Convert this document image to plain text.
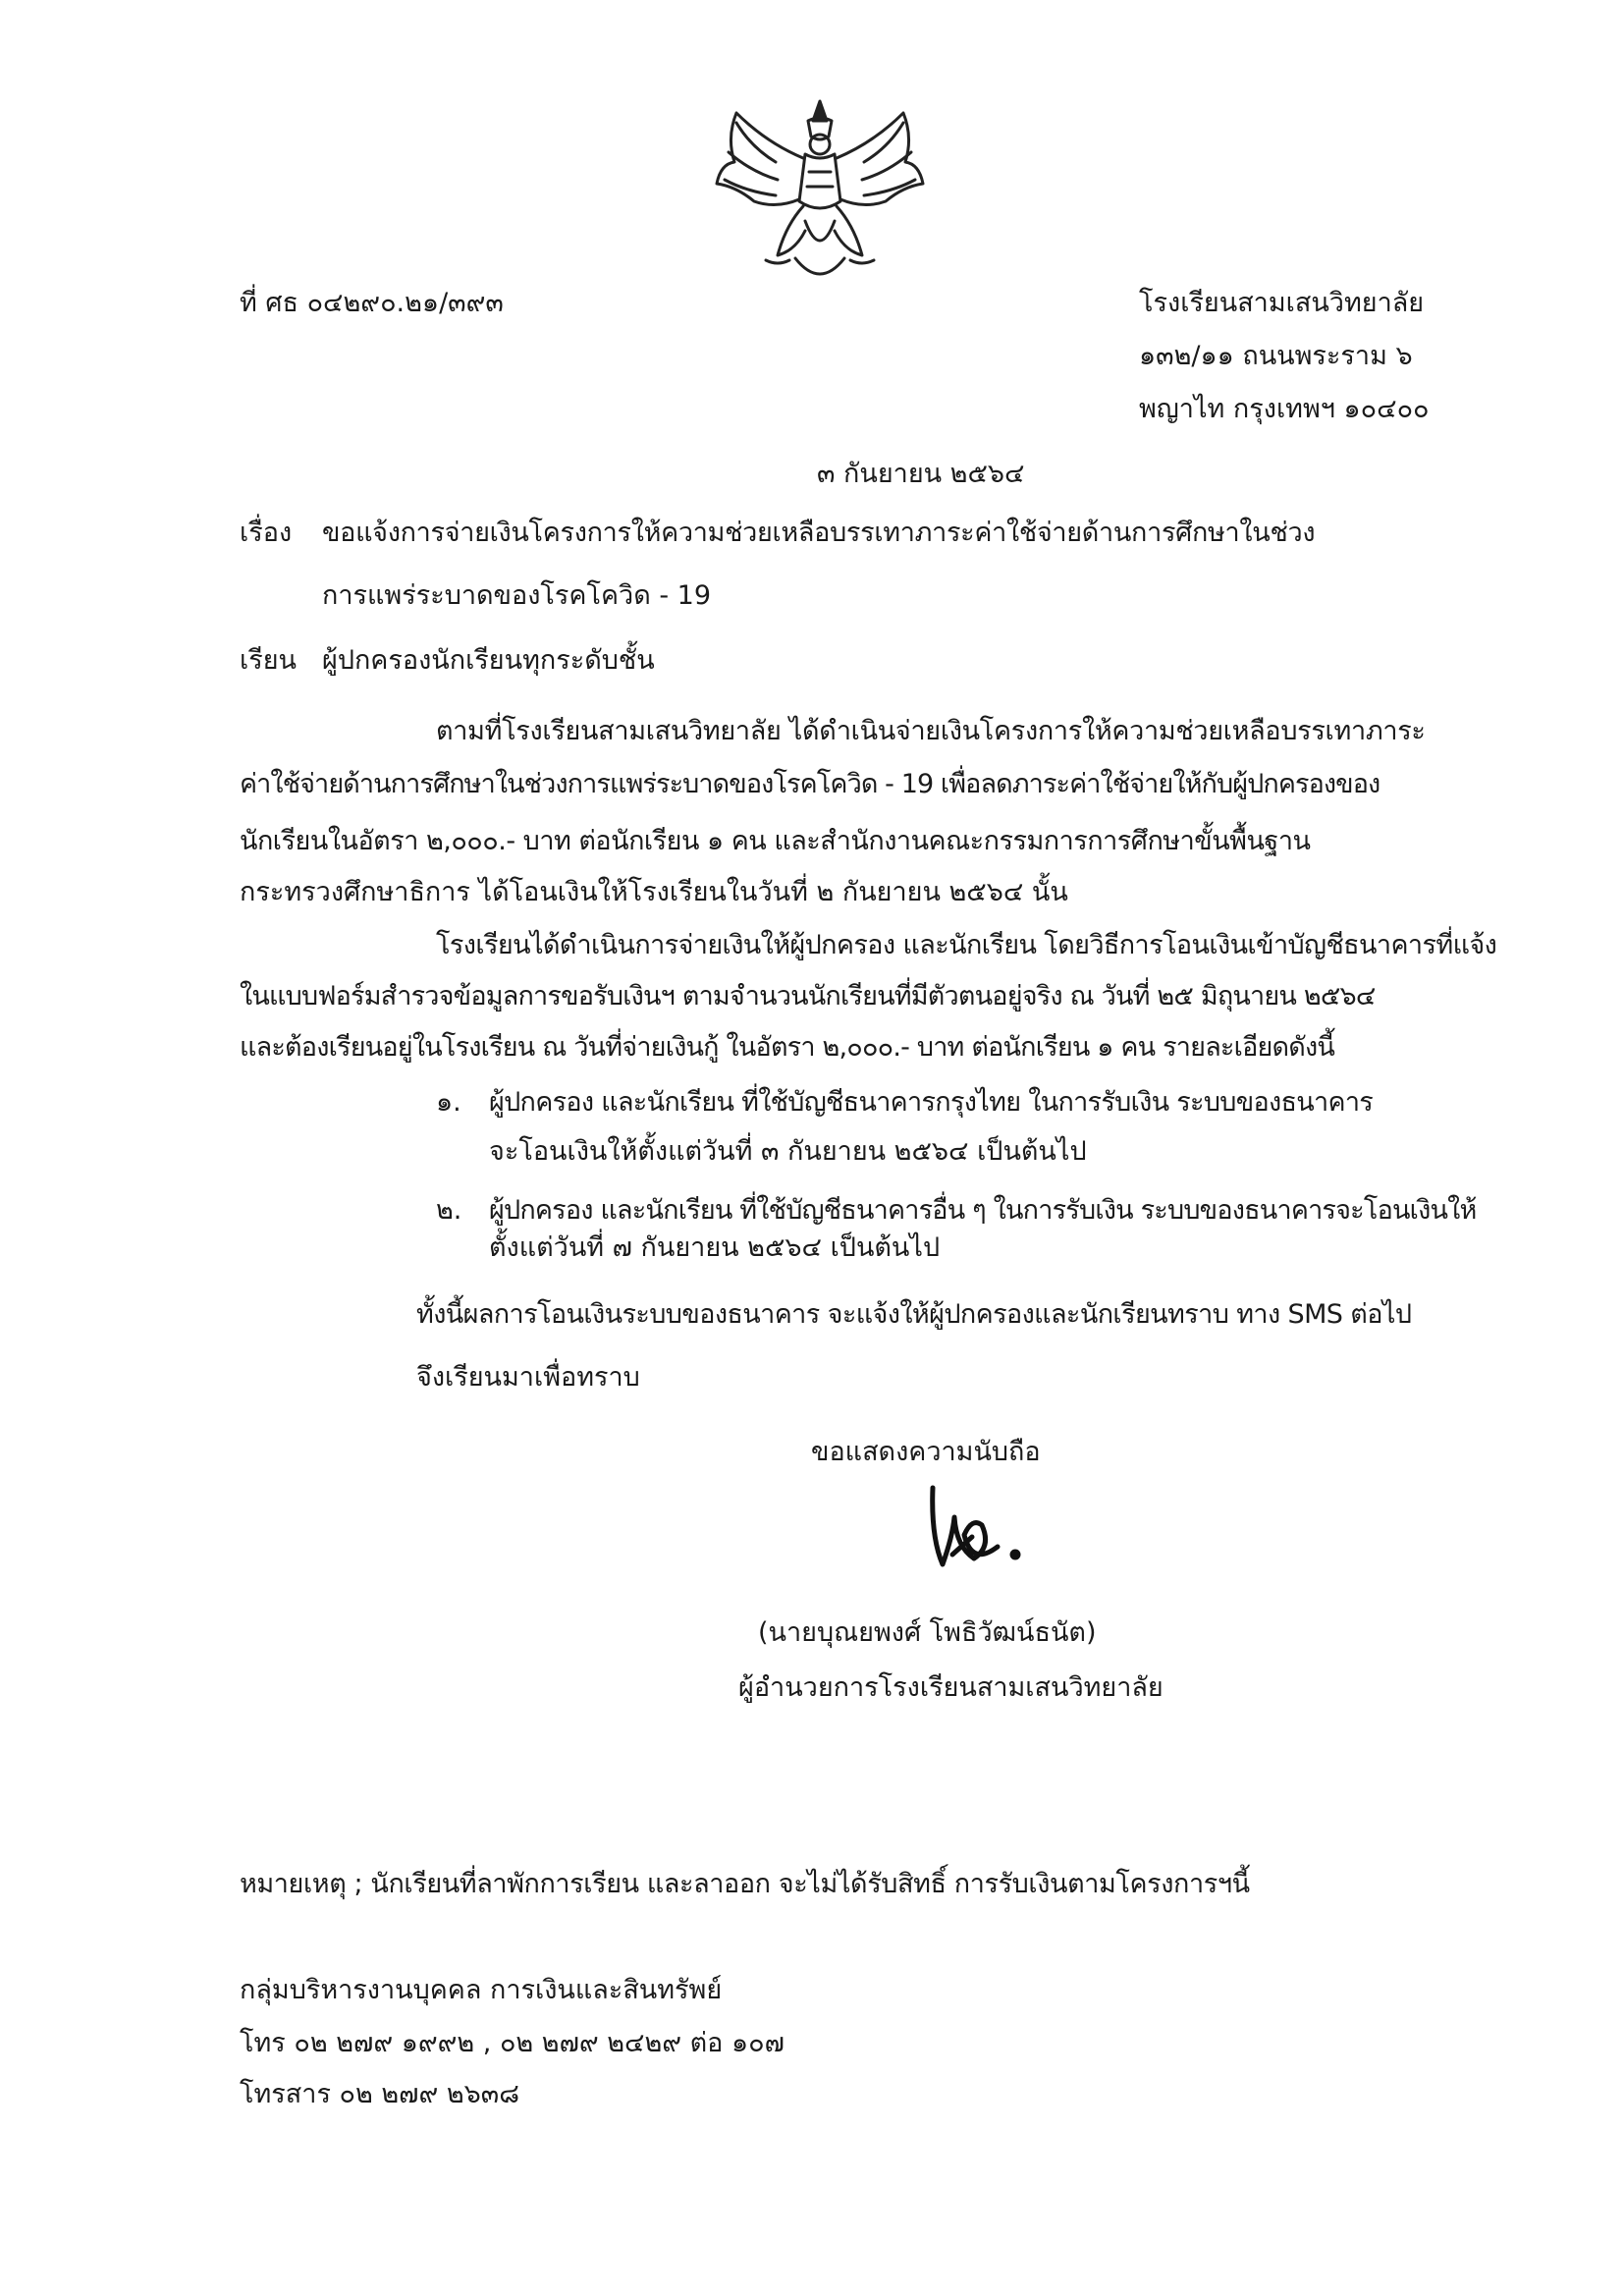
ที่ ศธ ๐๔๒๙๐.๒๑/๓๙๓	โรงเรียนสามเสนวิทยาลัย

๑๓๒/๑๑ ถนนพระราม ๖

พญาไท กรุงเทพฯ ๑๐๔๐๐

๓ กันยายน ๒๕๖๔

เรื่อง ขอแจ้งการจ่ายเงินโครงการให้ความช่วยเหลือบรรเทาภาระค่าใช้จ่ายด้านการศึกษาในช่วง

การแพร่ระบาดของโรคโควิด - 19

เรียน ผู้ปกครองนักเรียนทุกระดับชั้น

ตามที่โรงเรียนสามเสนวิทยาลัย ได้ดำเนินจ่ายเงินโครงการให้ความช่วยเหลือบรรเทาภาระ

ค่าใช้จ่ายด้านการศึกษาในช่วงการแพร่ระบาดของโรคโควิด - 19 เพื่อลดภาระค่าใช้จ่ายให้กับผู้ปกครองของ

นักเรียนในอัตรา ๒,๐๐๐.- บาท ต่อนักเรียน ๑ คน และสำนักงานคณะกรรมการการศึกษาขั้นพื้นฐาน

กระทรวงศึกษาธิการ ได้โอนเงินให้โรงเรียนในวันที่ ๒ กันยายน ๒๕๖๔ นั้น

โรงเรียนได้ดำเนินการจ่ายเงินให้ผู้ปกครอง และนักเรียน โดยวิธีการโอนเงินเข้าบัญชีธนาคารที่แจ้ง

ในแบบฟอร์มสำรวจข้อมูลการขอรับเงินฯ ตามจำนวนนักเรียนที่มีตัวตนอยู่จริง ณ วันที่ ๒๕ มิถุนายน ๒๕๖๔

และต้องเรียนอยู่ในโรงเรียน ณ วันที่จ่ายเงินกู้ ในอัตรา ๒,๐๐๐.- บาท ต่อนักเรียน ๑ คน รายละเอียดดังนี้

๑. ผู้ปกครอง และนักเรียน ที่ใช้บัญชีธนาคารกรุงไทย ในการรับเงิน ระบบของธนาคาร

จะโอนเงินให้ตั้งแต่วันที่ ๓ กันยายน ๒๕๖๔ เป็นต้นไป

๒. ผู้ปกครอง และนักเรียน ที่ใช้บัญชีธนาคารอื่น ๆ ในการรับเงิน ระบบของธนาคารจะโอนเงินให้

ตั้งแต่วันที่ ๗ กันยายน ๒๕๖๔ เป็นต้นไป

ทั้งนี้ผลการโอนเงินระบบของธนาคาร จะแจ้งให้ผู้ปกครองและนักเรียนทราบ ทาง SMS ต่อไป

จึงเรียนมาเพื่อทราบ

ขอแสดงความนับถือ

(นายบุณยพงศ์ โพธิวัฒน์ธนัต)

ผู้อำนวยการโรงเรียนสามเสนวิทยาลัย

หมายเหตุ ; นักเรียนที่ลาพักการเรียน และลาออก จะไม่ได้รับสิทธิ์ การรับเงินตามโครงการฯนี้

กลุ่มบริหารงานบุคคล การเงินและสินทรัพย์

โทร ๐๒ ๒๗๙ ๑๙๙๒ , ๐๒ ๒๗๙ ๒๔๒๙ ต่อ ๑๐๗

โทรสาร ๐๒ ๒๗๙ ๒๖๓๘
